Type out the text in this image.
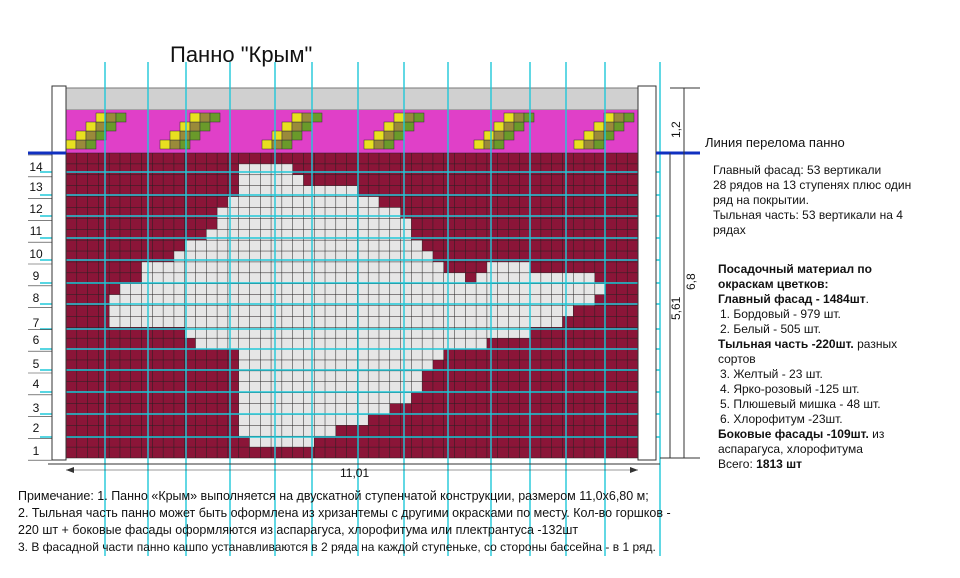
Панно "Крым"
14
13
12
11
10
9
8
7
6
5
4
3
2
1
Линия перелома панно
Главный фасад: 53 вертикали
28 рядов на 13 ступенях плюс один
ряд на покрытии.
Тыльная часть: 53 вертикали на 4
рядах
Посадочный материал по
окраскам цветков:
Главный фасад - 1484шт.
1. Бордовый - 979 шт.
2. Белый - 505 шт.
Тыльная часть -220шт. разных
сортов
3. Желтый - 23 шт.
4. Ярко-розовый -125 шт.
5. Плюшевый мишка - 48 шт.
6. Хлорофитум -23шт.
Боковые фасады -109шт. из
аспарагуса, хлорофитума
Всего: 1813 шт
11,01
1,2
6,8
5,61
Примечание: 1. Панно «Крым» выполняется на двускатной ступенчатой конструкции, размером 11,0х6,80 м;
2. Тыльная часть панно может быть оформлена из хризантемы с другими окрасками по месту. Кол-во горшков -
220 шт + боковые фасады оформляются из аспарагуса, хлорофитума или плектрантуса -132шт
3. В фасадной части панно кашпо устанавливаются в 2 ряда на каждой ступеньке, со стороны бассейна - в 1 ряд.
